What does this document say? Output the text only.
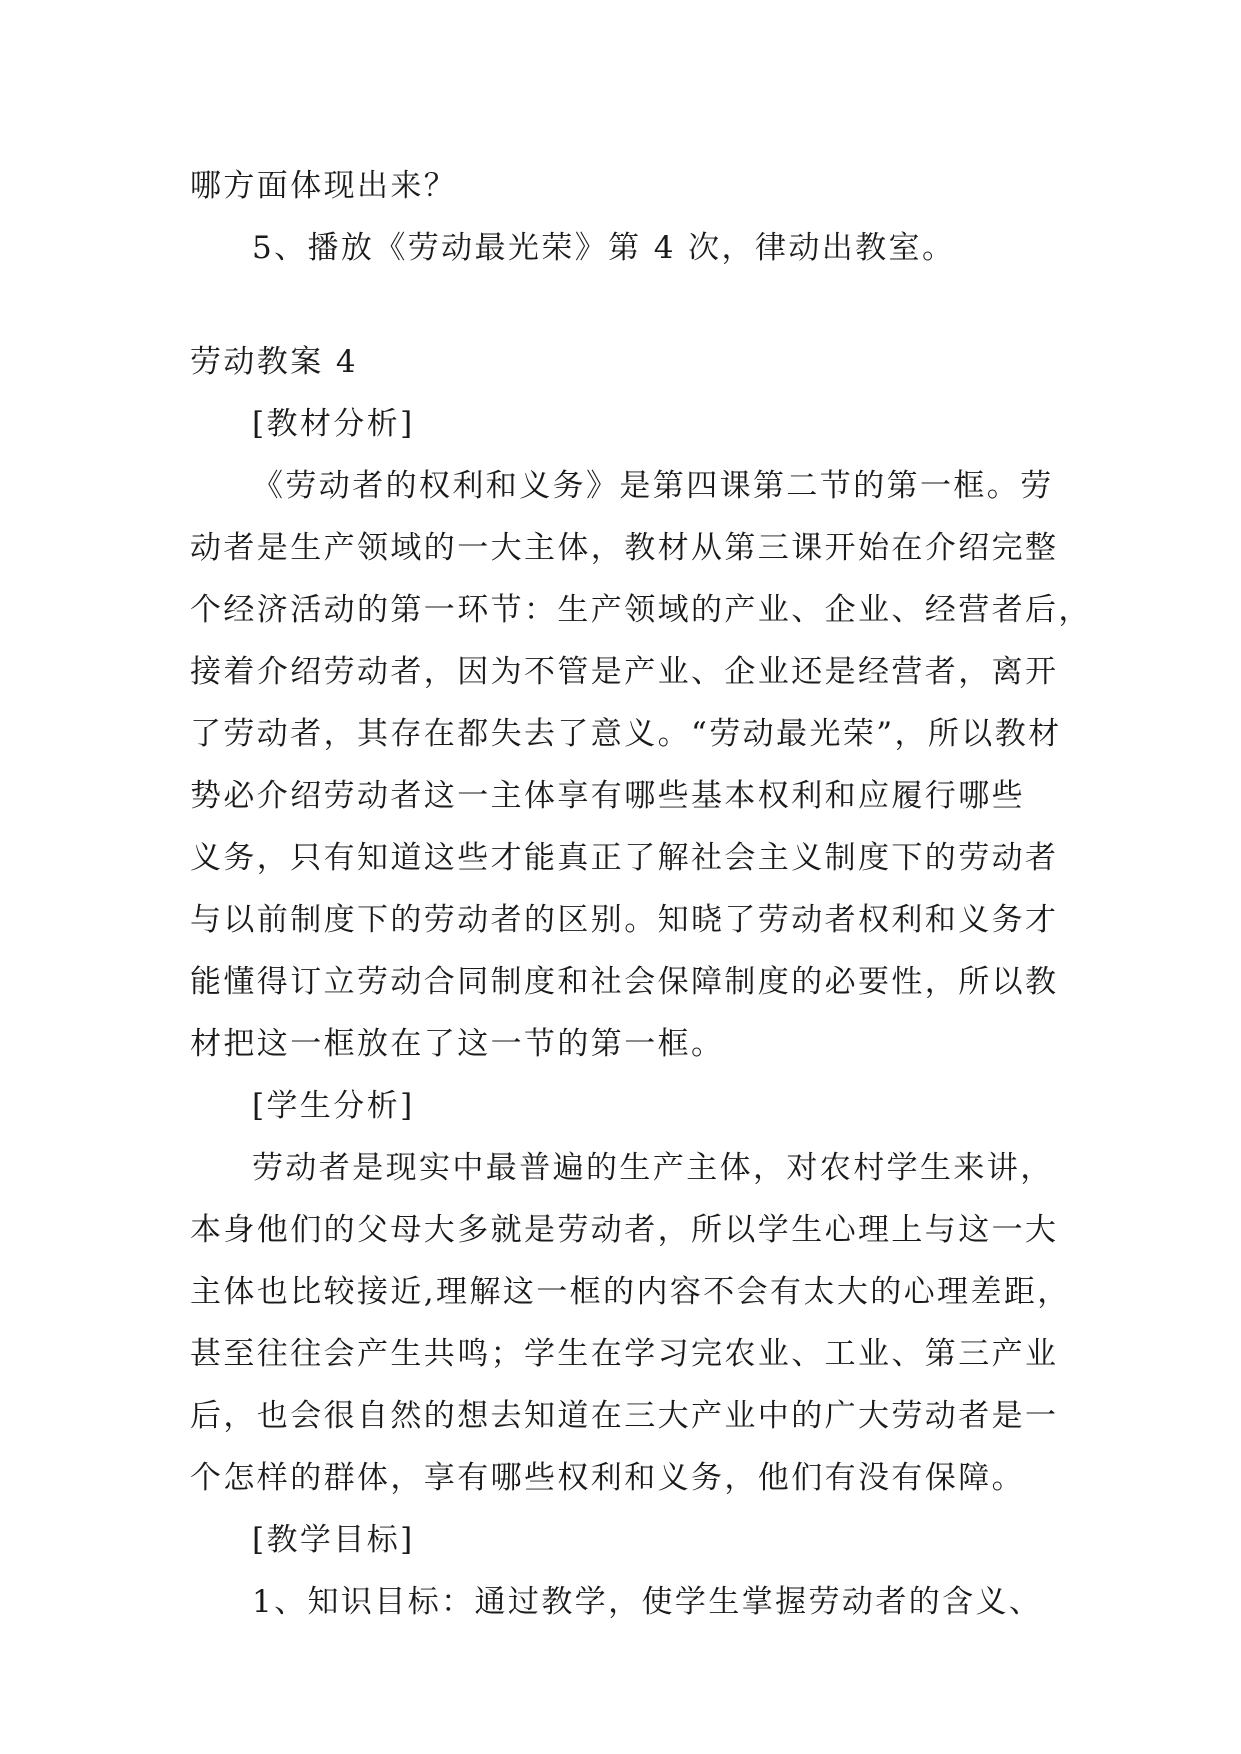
哪方面体现出来？
5、播放《劳动最光荣》第 4 次，律动出教室。
劳动教案 4
[教材分析]
《劳动者的权利和义务》是第四课第二节的第一框。劳
动者是生产领域的一大主体，教材从第三课开始在介绍完整
个经济活动的第一环节：生产领域的产业、企业、经营者后，
接着介绍劳动者，因为不管是产业、企业还是经营者，离开
了劳动者，其存在都失去了意义。“劳动最光荣”，所以教材
势必介绍劳动者这一主体享有哪些基本权利和应履行哪些
义务，只有知道这些才能真正了解社会主义制度下的劳动者
与以前制度下的劳动者的区别。知晓了劳动者权利和义务才
能懂得订立劳动合同制度和社会保障制度的必要性，所以教
材把这一框放在了这一节的第一框。
[学生分析]
劳动者是现实中最普遍的生产主体，对农村学生来讲，
本身他们的父母大多就是劳动者，所以学生心理上与这一大
主体也比较接近,理解这一框的内容不会有太大的心理差距，
甚至往往会产生共鸣；学生在学习完农业、工业、第三产业
后，也会很自然的想去知道在三大产业中的广大劳动者是一
个怎样的群体，享有哪些权利和义务，他们有没有保障。
[教学目标]
1、知识目标：通过教学，使学生掌握劳动者的含义、
